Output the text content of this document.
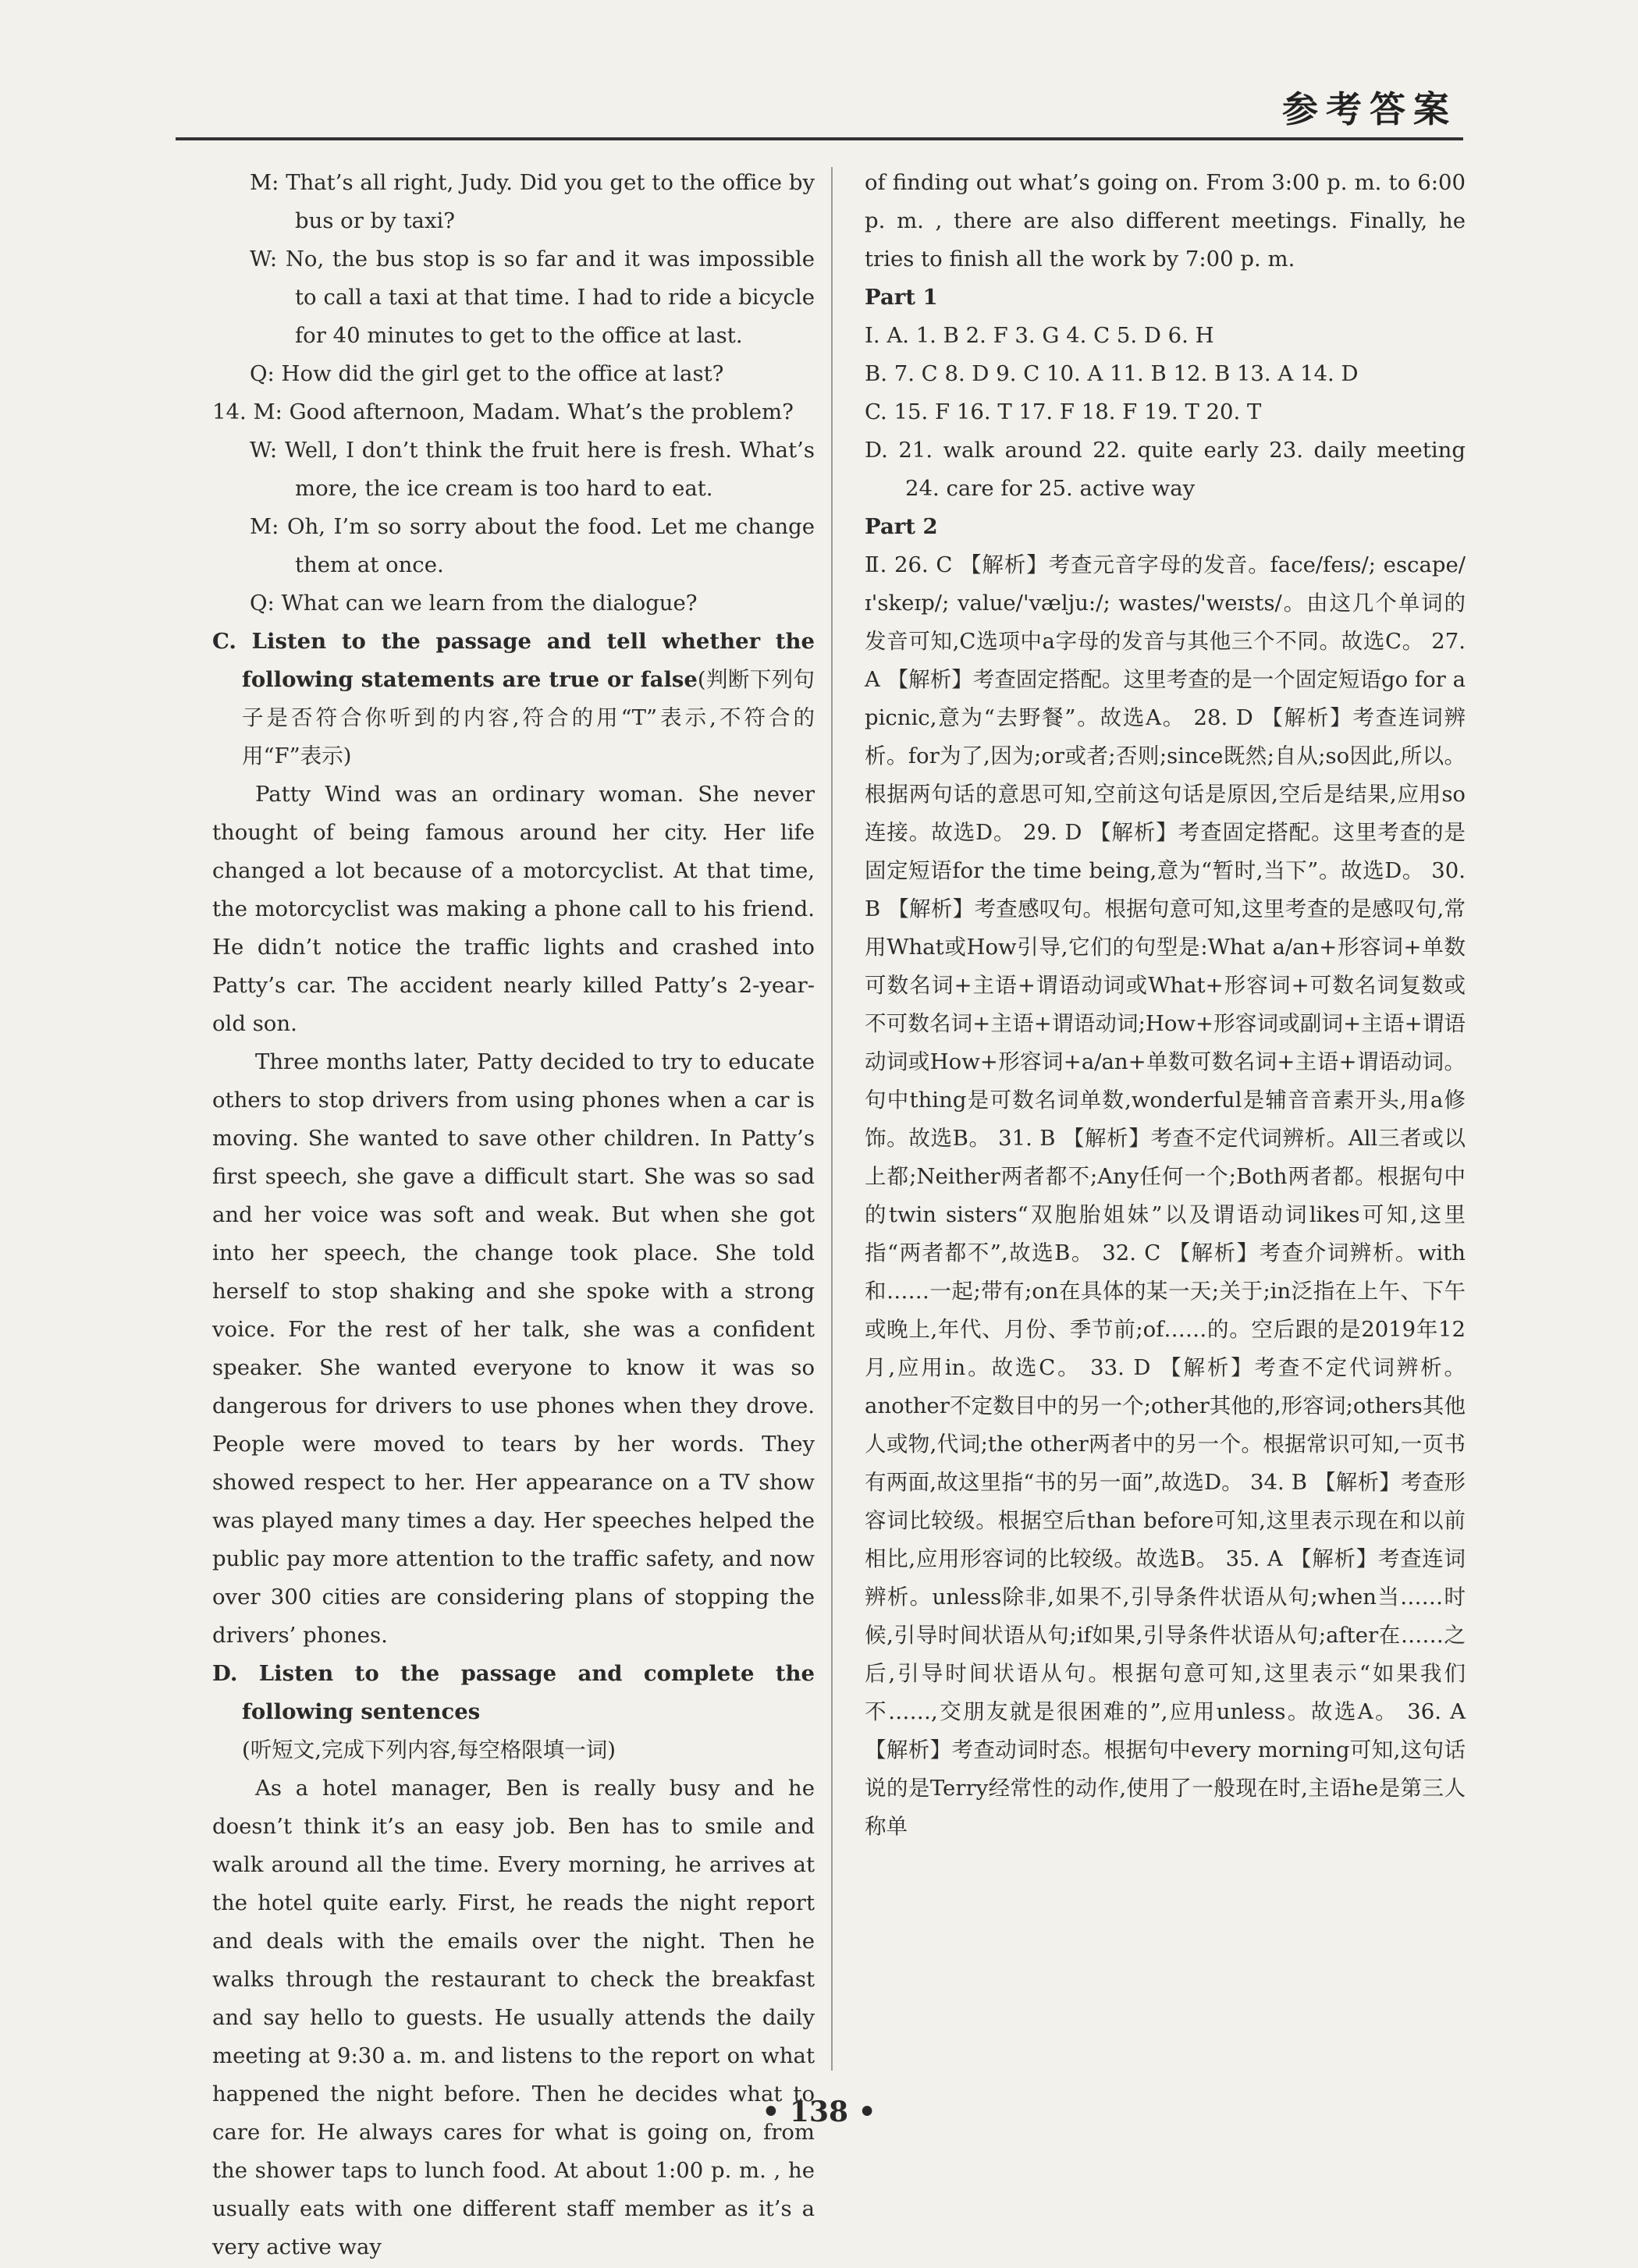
参考答案

M: That’s all right, Judy. Did you get to the office by bus or by taxi?

W: No, the bus stop is so far and it was impossible to call a taxi at that time. I had to ride a bicycle for 40 minutes to get to the office at last.

Q: How did the girl get to the office at last?

14. M: Good afternoon, Madam. What’s the problem?

W: Well, I don’t think the fruit here is fresh. What’s more, the ice cream is too hard to eat.

M: Oh, I’m so sorry about the food. Let me change them at once.

Q: What can we learn from the dialogue?

C. Listen to the passage and tell whether the following statements are true or false(判断下列句子是否符合你听到的内容,符合的用“T”表示,不符合的用“F”表示)

Patty Wind was an ordinary woman. She never thought of being famous around her city. Her life changed a lot because of a motorcyclist. At that time, the motorcyclist was making a phone call to his friend. He didn’t notice the traffic lights and crashed into Patty’s car. The accident nearly killed Patty’s 2-year-old son.

Three months later, Patty decided to try to educate others to stop drivers from using phones when a car is moving. She wanted to save other children. In Patty’s first speech, she gave a difficult start. She was so sad and her voice was soft and weak. But when she got into her speech, the change took place. She told herself to stop shaking and she spoke with a strong voice. For the rest of her talk, she was a confident speaker. She wanted everyone to know it was so dangerous for drivers to use phones when they drove. People were moved to tears by her words. They showed respect to her. Her appearance on a TV show was played many times a day. Her speeches helped the public pay more attention to the traffic safety, and now over 300 cities are considering plans of stopping the drivers’ phones.

D. Listen to the passage and complete the following sentences
(听短文,完成下列内容,每空格限填一词)

As a hotel manager, Ben is really busy and he doesn’t think it’s an easy job. Ben has to smile and walk around all the time. Every morning, he arrives at the hotel quite early. First, he reads the night report and deals with the emails over the night. Then he walks through the restaurant to check the breakfast and say hello to guests. He usually attends the daily meeting at 9:30 a. m. and listens to the report on what happened the night before. Then he decides what to care for. He always cares for what is going on, from the shower taps to lunch food. At about 1:00 p. m. , he usually eats with one different staff member as it’s a very active way

of finding out what’s going on. From 3:00 p. m. to 6:00 p. m. , there are also different meetings. Finally, he tries to finish all the work by 7:00 p. m.

Part 1

Ⅰ. A. 1. B 2. F 3. G 4. C 5. D 6. H

B. 7. C 8. D 9. C 10. A 11. B 12. B 13. A 14. D

C. 15. F 16. T 17. F 18. F 19. T 20. T

D. 21. walk around 22. quite early 23. daily meeting 24. care for 25. active way

Part 2

Ⅱ. 26. C 【解析】考查元音字母的发音。face/feɪs/; escape/ɪ'skeɪp/; value/'vælju:/; wastes/'weɪsts/。由这几个单词的发音可知,C选项中a字母的发音与其他三个不同。故选C。 27. A 【解析】考查固定搭配。这里考查的是一个固定短语go for a picnic,意为“去野餐”。故选A。 28. D 【解析】考查连词辨析。for为了,因为;or或者;否则;since既然;自从;so因此,所以。根据两句话的意思可知,空前这句话是原因,空后是结果,应用so连接。故选D。 29. D 【解析】考查固定搭配。这里考查的是固定短语for the time being,意为“暂时,当下”。故选D。 30. B 【解析】考查感叹句。根据句意可知,这里考查的是感叹句,常用What或How引导,它们的句型是:What a/an+形容词+单数可数名词+主语+谓语动词或What+形容词+可数名词复数或不可数名词+主语+谓语动词;How+形容词或副词+主语+谓语动词或How+形容词+a/an+单数可数名词+主语+谓语动词。句中thing是可数名词单数,wonderful是辅音音素开头,用a修饰。故选B。 31. B 【解析】考查不定代词辨析。All三者或以上都;Neither两者都不;Any任何一个;Both两者都。根据句中的twin sisters“双胞胎姐妹”以及谓语动词likes可知,这里指“两者都不”,故选B。 32. C 【解析】考查介词辨析。with和……一起;带有;on在具体的某一天;关于;in泛指在上午、下午或晚上,年代、月份、季节前;of……的。空后跟的是2019年12月,应用in。故选C。 33. D 【解析】考查不定代词辨析。another不定数目中的另一个;other其他的,形容词;others其他人或物,代词;the other两者中的另一个。根据常识可知,一页书有两面,故这里指“书的另一面”,故选D。 34. B 【解析】考查形容词比较级。根据空后than before可知,这里表示现在和以前相比,应用形容词的比较级。故选B。 35. A 【解析】考查连词辨析。unless除非,如果不,引导条件状语从句;when当……时候,引导时间状语从句;if如果,引导条件状语从句;after在……之后,引导时间状语从句。根据句意可知,这里表示“如果我们不……,交朋友就是很困难的”,应用unless。故选A。 36. A 【解析】考查动词时态。根据句中every morning可知,这句话说的是Terry经常性的动作,使用了一般现在时,主语he是第三人称单

• 138 •
